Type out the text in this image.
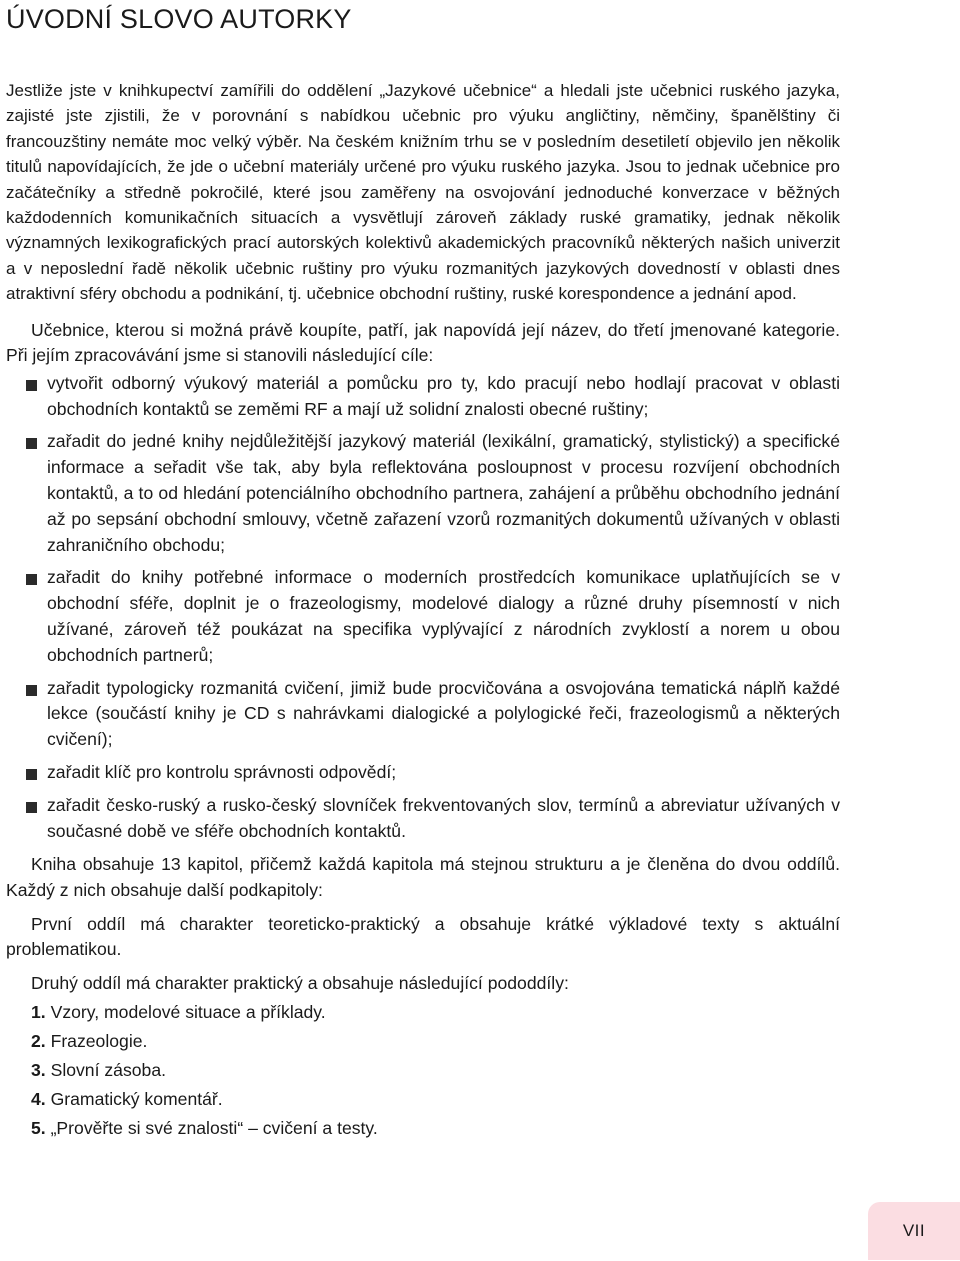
ÚVODNÍ SLOVO AUTORKY

Jestliže jste v knihkupectví zamířili do oddělení „Jazykové učebnice“ a hledali jste učebnici ruského jazyka, zajisté jste zjistili, že v porovnání s nabídkou učebnic pro výuku angličtiny, němčiny, španělštiny či francouzštiny nemáte moc velký výběr. Na českém knižním trhu se v posledním desetiletí objevilo jen několik titulů napovídajících, že jde o učební materiály určené pro výuku ruského jazyka. Jsou to jednak učebnice pro začátečníky a středně pokročilé, které jsou zaměřeny na osvojování jednoduché konverzace v běžných každodenních komunikačních situacích a vysvětlují zároveň základy ruské gramatiky, jednak několik významných lexikografických prací autorských kolektivů akademických pracovníků některých našich univerzit a v neposlední řadě několik učebnic ruštiny pro výuku rozmanitých jazykových dovedností v oblasti dnes atraktivní sféry obchodu a podnikání, tj. učebnice obchodní ruštiny, ruské korespondence a jednání apod.

Učebnice, kterou si možná právě koupíte, patří, jak napovídá její název, do třetí jmenované kategorie. Při jejím zpracovávání jsme si stanovili následující cíle:

vytvořit odborný výukový materiál a pomůcku pro ty, kdo pracují nebo hodlají pracovat v oblasti obchodních kontaktů se zeměmi RF a mají už solidní znalosti obecné ruštiny;
zařadit do jedné knihy nejdůležitější jazykový materiál (lexikální, gramatický, stylistický) a specifické informace a seřadit vše tak, aby byla reflektována posloupnost v procesu rozvíjení obchodních kontaktů, a to od hledání potenciálního obchodního partnera, zahájení a průběhu obchodního jednání až po sepsání obchodní smlouvy, včetně zařazení vzorů rozmanitých dokumentů užívaných v oblasti zahraničního obchodu;
zařadit do knihy potřebné informace o moderních prostředcích komunikace uplatňujících se v obchodní sféře, doplnit je o frazeologismy, modelové dialogy a různé druhy písemností v nich užívané, zároveň též poukázat na specifika vyplývající z národních zvyklostí a norem u obou obchodních partnerů;
zařadit typologicky rozmanitá cvičení, jimiž bude procvičována a osvojována tematická náplň každé lekce (součástí knihy je CD s nahrávkami dialogické a polylogické řeči, frazeologismů a některých cvičení);
zařadit klíč pro kontrolu správnosti odpovědí;
zařadit česko-ruský a rusko-český slovníček frekventovaných slov, termínů a abreviatur užívaných v současné době ve sféře obchodních kontaktů.

Kniha obsahuje 13 kapitol, přičemž každá kapitola má stejnou strukturu a je členěna do dvou oddílů. Každý z nich obsahuje další podkapitoly:

První oddíl má charakter teoreticko-praktický a obsahuje krátké výkladové texty s aktuální problematikou.

Druhý oddíl má charakter praktický a obsahuje následující pododdíly:

1. Vzory, modelové situace a příklady.
2. Frazeologie.
3. Slovní zásoba.
4. Gramatický komentář.
5. „Prověřte si své znalosti“ – cvičení a testy.
VII
